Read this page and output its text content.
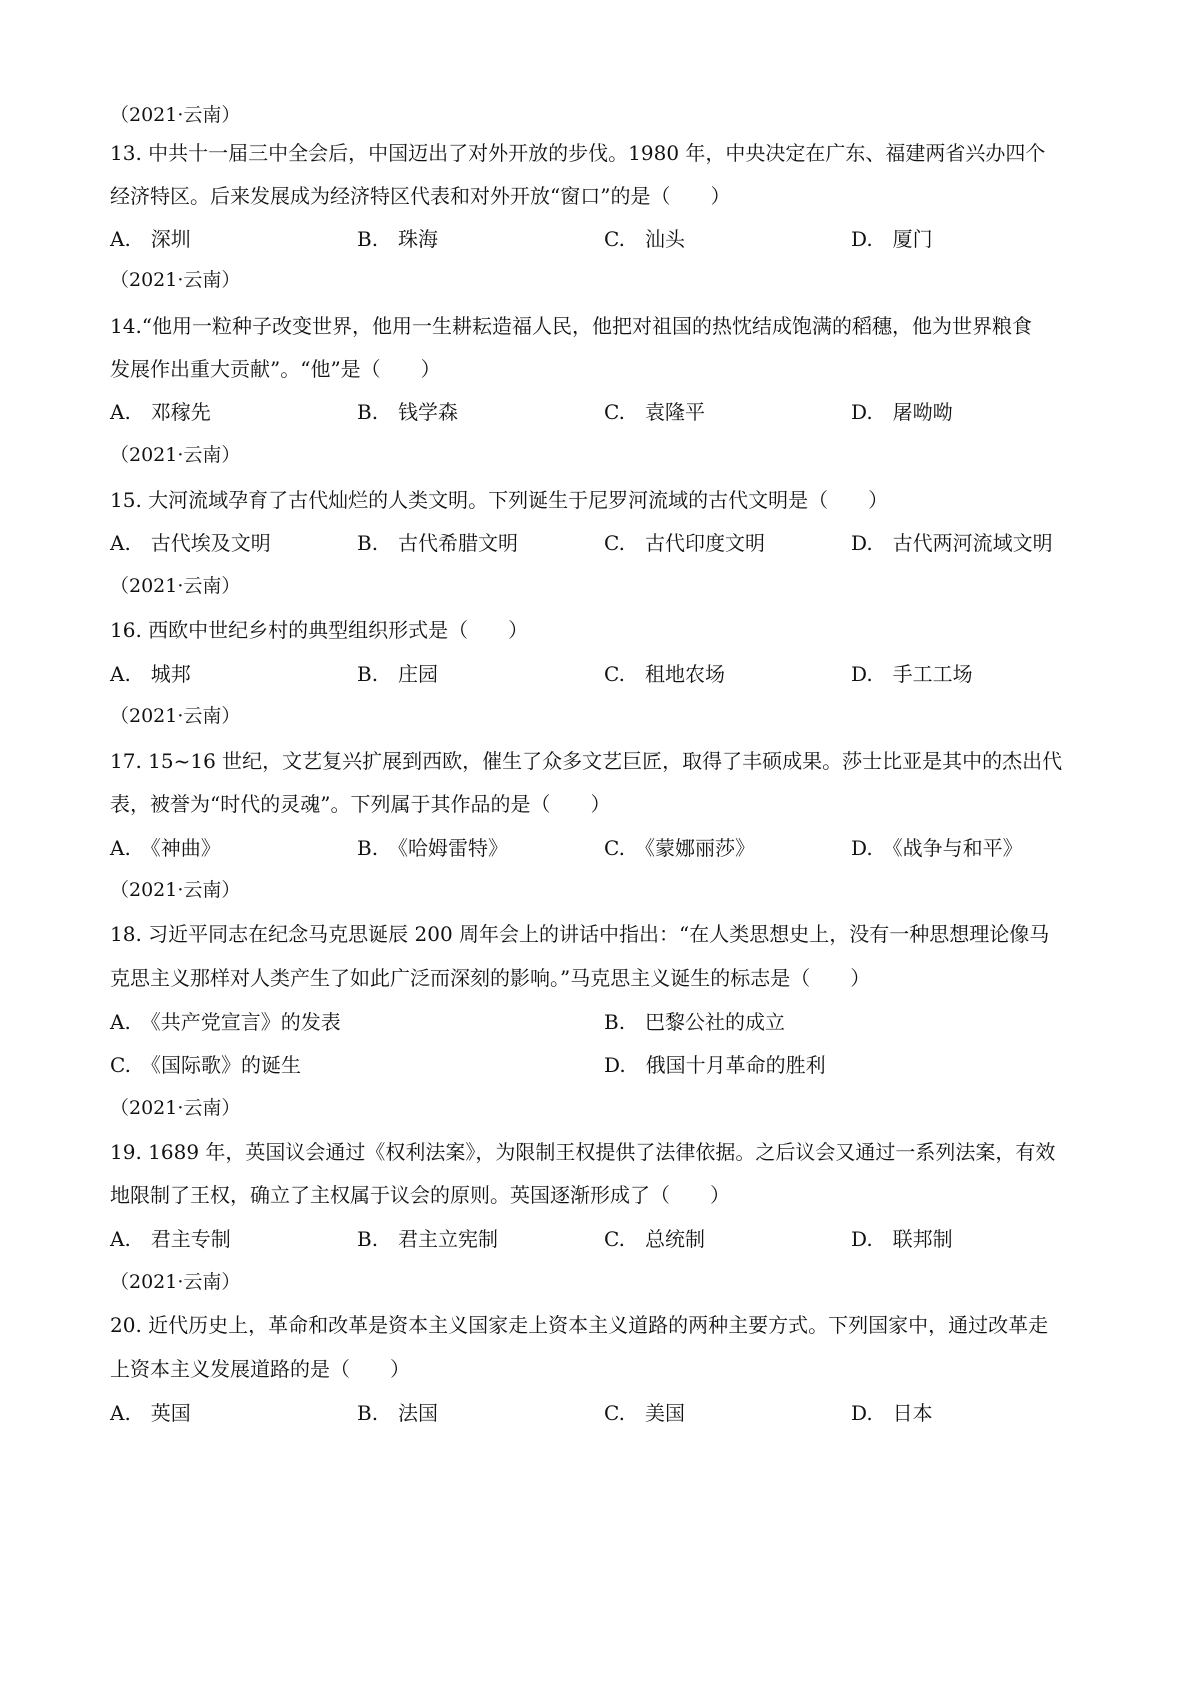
（2021·云南）
13. 中共十一届三中全会后，中国迈出了对外开放的步伐。1980 年，中央决定在广东、福建两省兴办四个
经济特区。后来发展成为经济特区代表和对外开放“窗口”的是（　　）
A.　深圳	B.　珠海	C.　汕头	D.　厦门
（2021·云南）
14.“他用一粒种子改变世界，他用一生耕耘造福人民，他把对祖国的热忱结成饱满的稻穗，他为世界粮食
发展作出重大贡献”。“他”是（　　）
A.　邓稼先	B.　钱学森	C.　袁隆平	D.　屠呦呦
（2021·云南）
15. 大河流域孕育了古代灿烂的人类文明。下列诞生于尼罗河流域的古代文明是（　　）
A.　古代埃及文明	B.　古代希腊文明	C.　古代印度文明	D.　古代两河流域文明
（2021·云南）
16. 西欧中世纪乡村的典型组织形式是（　　）
A.　城邦	B.　庄园	C.　租地农场	D.　手工工场
（2021·云南）
17. 15~16 世纪，文艺复兴扩展到西欧，催生了众多文艺巨匠，取得了丰硕成果。莎士比亚是其中的杰出代
表，被誉为“时代的灵魂”。下列属于其作品的是（　　）
A.　《神曲》	B.　《哈姆雷特》	C.　《蒙娜丽莎》	D.　《战争与和平》
（2021·云南）
18. 习近平同志在纪念马克思诞辰 200 周年会上的讲话中指出：“在人类思想史上，没有一种思想理论像马
克思主义那样对人类产生了如此广泛而深刻的影响。”马克思主义诞生的标志是（　　）
A.　《共产党宣言》的发表	B.　巴黎公社的成立
C.　《国际歌》的诞生	D.　俄国十月革命的胜利
（2021·云南）
19. 1689 年，英国议会通过《权利法案》，为限制王权提供了法律依据。之后议会又通过一系列法案，有效
地限制了王权，确立了主权属于议会的原则。英国逐渐形成了（　　）
A.　君主专制	B.　君主立宪制	C.　总统制	D.　联邦制
（2021·云南）
20. 近代历史上，革命和改革是资本主义国家走上资本主义道路的两种主要方式。下列国家中，通过改革走
上资本主义发展道路的是（　　）
A.　英国	B.　法国	C.　美国	D.　日本
